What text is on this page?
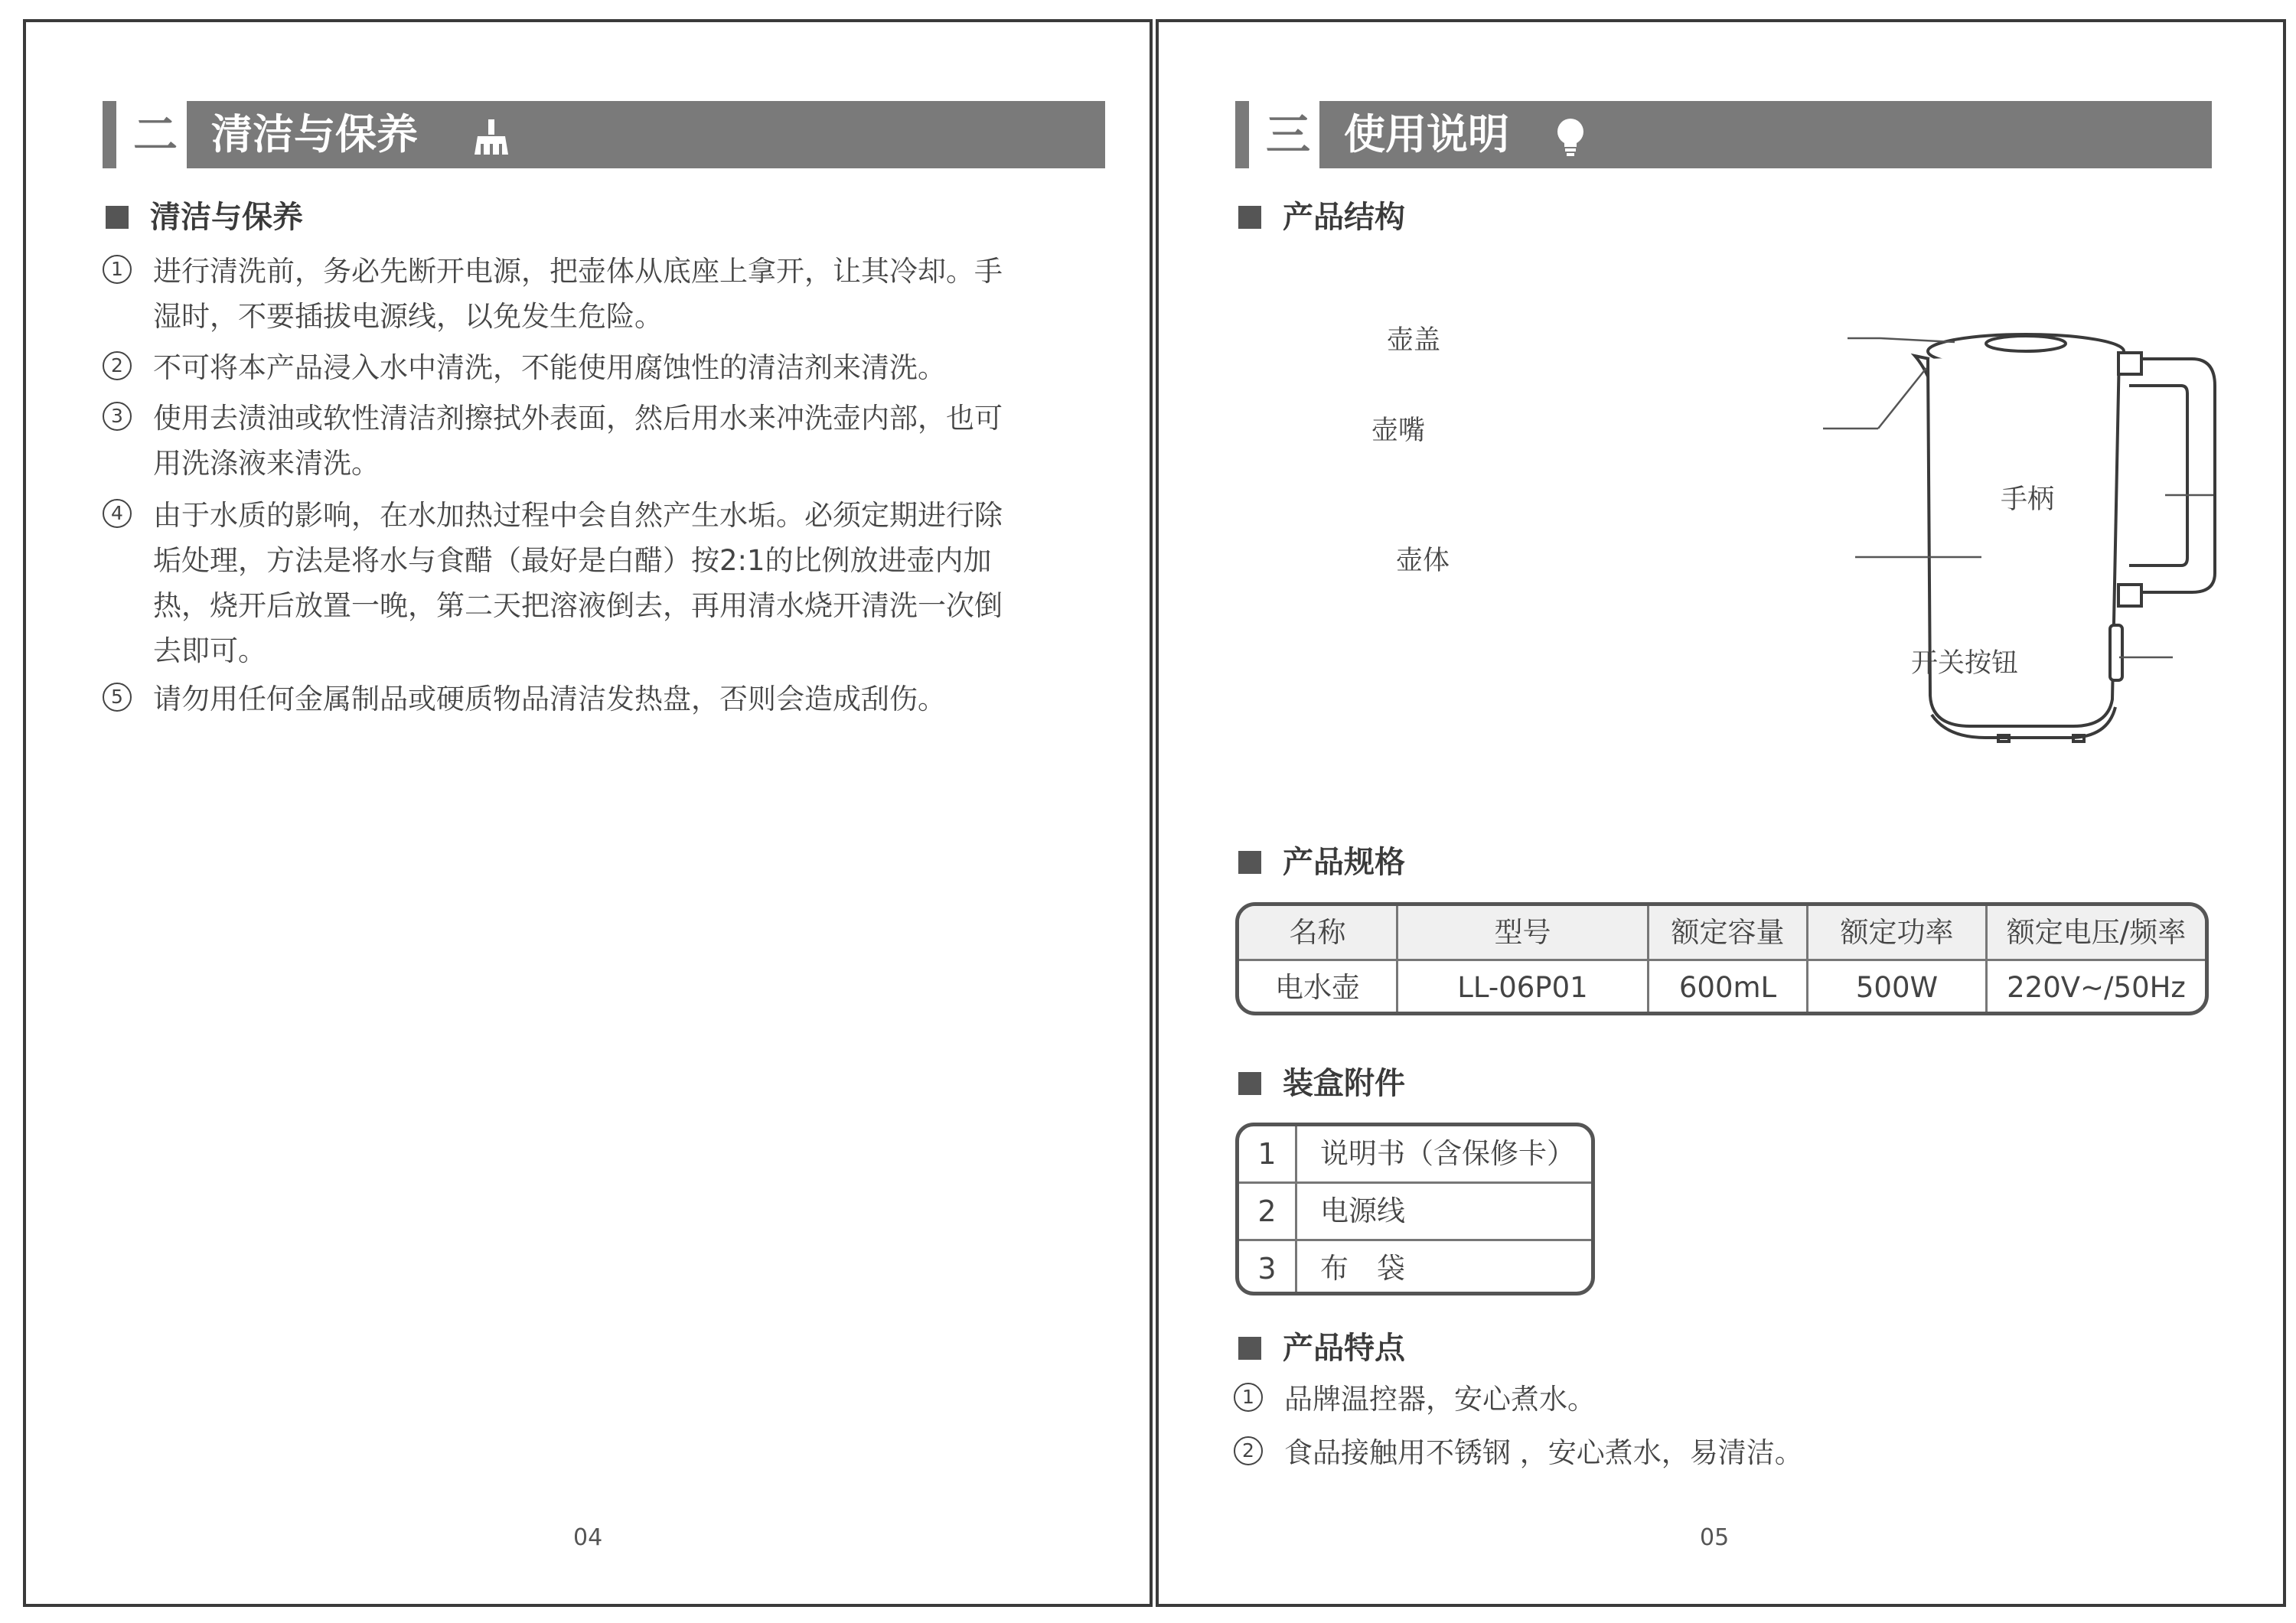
二 清洁与保养
清洁与保养
1 进行清洗前，务必先断开电源，把壶体从底座上拿开，让其冷却。手
湿时，不要插拔电源线，以免发生危险。
2 不可将本产品浸入水中清洗，不能使用腐蚀性的清洁剂来清洗。
3 使用去渍油或软性清洁剂擦拭外表面，然后用水来冲洗壶内部，也可
用洗涤液来清洗。
4 由于水质的影响，在水加热过程中会自然产生水垢。必须定期进行除
垢处理，方法是将水与食醋（最好是白醋）按2:1的比例放进壶内加
热，烧开后放置一晚，第二天把溶液倒去，再用清水烧开清洗一次倒
去即可。
5 请勿用任何金属制品或硬质物品清洁发热盘，否则会造成刮伤。
04
三 使用说明
产品结构
壶盖
壶嘴
壶体
手柄
开关按钮
产品规格
名称	型号	额定容量	额定功率	额定电压/频率
电水壶	LL-06P01	600mL	500W	220V~/50Hz
装盒附件
1	说明书（含保修卡）
2	电源线
3	布　袋
产品特点
1 品牌温控器，安心煮水。
2 食品接触用不锈钢 ，安心煮水，易清洁。
05
